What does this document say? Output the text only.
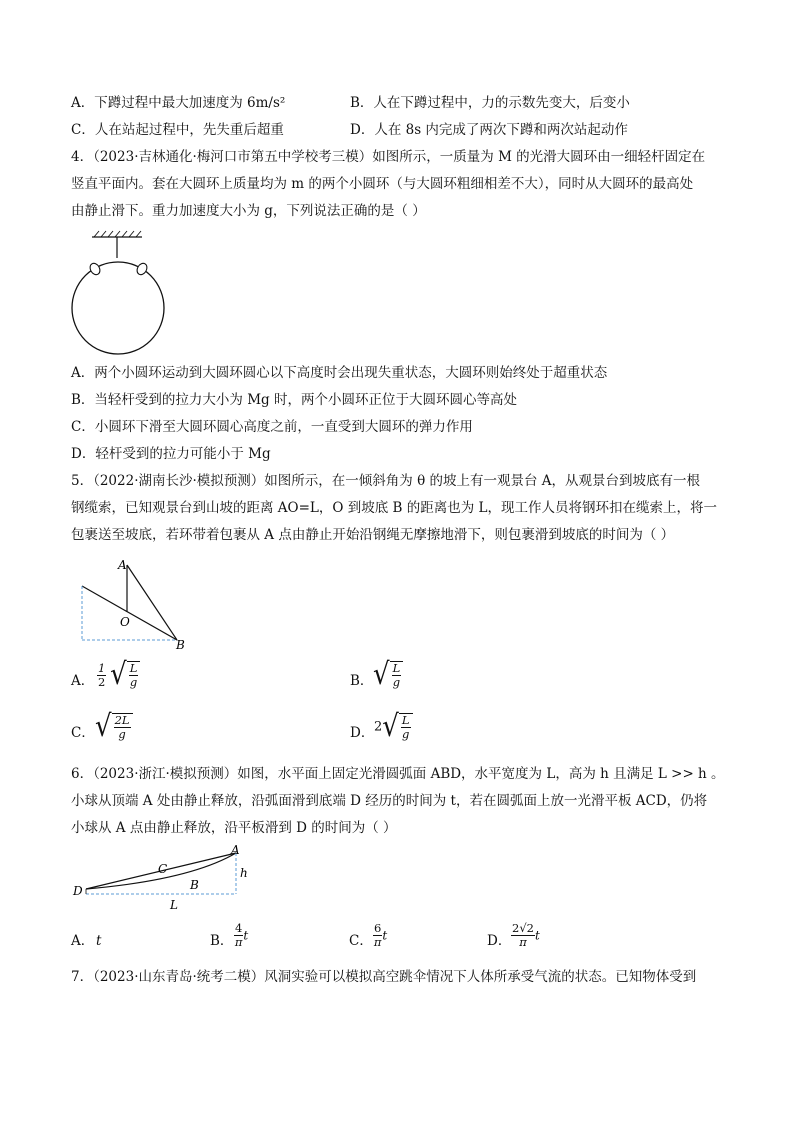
A．下蹲过程中最大加速度为 6m/s²	B．人在下蹲过程中，力的示数先变大，后变小
C．人在站起过程中，先失重后超重	D．人在 8s 内完成了两次下蹲和两次站起动作
4．（2023·吉林通化·梅河口市第五中学校考三模）如图所示，一质量为 M 的光滑大圆环由一细轻杆固定在
竖直平面内。套在大圆环上质量均为 m 的两个小圆环（与大圆环粗细相差不大），同时从大圆环的最高处
由静止滑下。重力加速度大小为 g，下列说法正确的是（ ）
A．两个小圆环运动到大圆环圆心以下高度时会出现失重状态，大圆环则始终处于超重状态
B．当轻杆受到的拉力大小为 Mg 时，两个小圆环正位于大圆环圆心等高处
C．小圆环下滑至大圆环圆心高度之前，一直受到大圆环的弹力作用
D．轻杆受到的拉力可能小于 Mg
5．（2022·湖南长沙·模拟预测）如图所示，在一倾斜角为 θ 的坡上有一观景台 A，从观景台到坡底有一根
钢缆索，已知观景台到山坡的距离 AO=L，O 到坡底 B 的距离也为 L，现工作人员将钢环扣在缆索上，将一
包裹送至坡底，若环带着包裹从 A 点由静止开始沿钢绳无摩擦地滑下，则包裹滑到坡底的时间为（ ）
A
O
B
A． $\frac{1}{2}$
√ $\frac{L}{g}$	B． √ $\frac{L}{g}$
C． √ $\frac{2L}{g}$	D． 2 √ $\frac{L}{g}$
6．（2023·浙江·模拟预测）如图，水平面上固定光滑圆弧面 ABD，水平宽度为 L，高为 h 且满足 L >> h 。
小球从顶端 A 处由静止释放，沿弧面滑到底端 D 经历的时间为 t，若在圆弧面上放一光滑平板 ACD，仍将
小球从 A 点由静止释放，沿平板滑到 D 的时间为（ ）
A
C
B
D
h
L
A． t	B． $\frac{4}{\pi}$ t	C． $\frac{6}{\pi}$ t	D． $\frac{2√2}{\pi}$ t
7．（2023·山东青岛·统考二模）风洞实验可以模拟高空跳伞情况下人体所承受气流的状态。已知物体受到
